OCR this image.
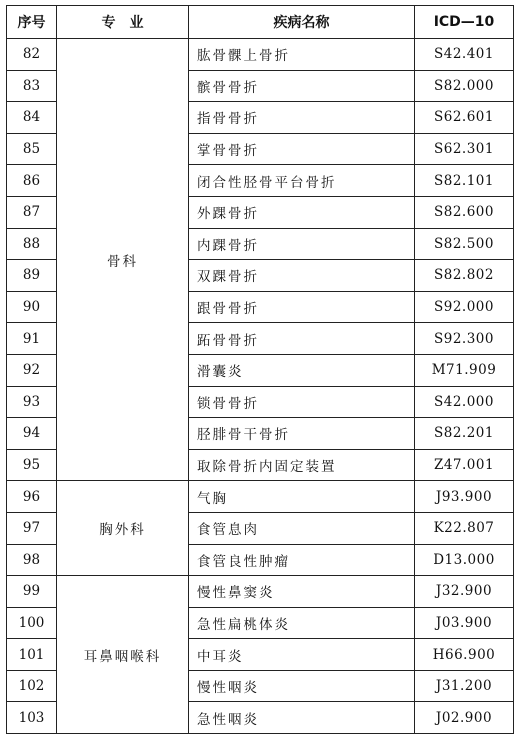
序号	专　业	疾病名称	ICD—10
82	骨科	肱骨髁上骨折	S42.401
83		髌骨骨折	S82.000
84		指骨骨折	S62.601
85		掌骨骨折	S62.301
86		闭合性胫骨平台骨折	S82.101
87		外踝骨折	S82.600
88		内踝骨折	S82.500
89		双踝骨折	S82.802
90		跟骨骨折	S92.000
91		跖骨骨折	S92.300
92		滑囊炎	M71.909
93		锁骨骨折	S42.000
94		胫腓骨干骨折	S82.201
95		取除骨折内固定装置	Z47.001
96	胸外科	气胸	J93.900
97		食管息肉	K22.807
98		食管良性肿瘤	D13.000
99	耳鼻咽喉科	慢性鼻窦炎	J32.900
100		急性扁桃体炎	J03.900
101		中耳炎	H66.900
102		慢性咽炎	J31.200
103		急性咽炎	J02.900
